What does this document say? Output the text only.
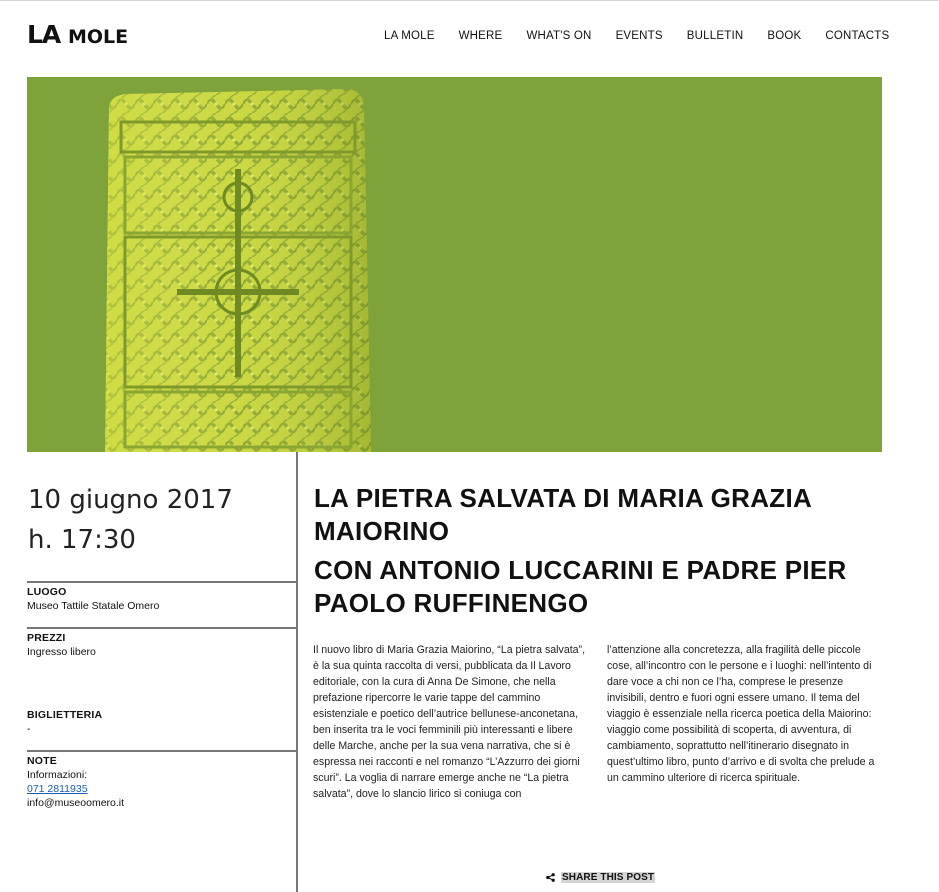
LA MOLE	LA MOLE WHERE WHAT'S ON EVENTS BULLETIN BOOK CONTACTS
10 giugno 2017
h. 17:30
LUOGO
Museo Tattile Statale Omero
PREZZI
Ingresso libero
BIGLIETTERIA
-
NOTE
Informazioni:
071 2811935
info@museoomero.it
LA PIETRA SALVATA DI MARIA GRAZIA MAIORINO
CON ANTONIO LUCCARINI E PADRE PIER PAOLO RUFFINENGO
Il nuovo libro di Maria Grazia Maiorino, “La pietra salvata”, è la sua quinta raccolta di versi, pubblicata da Il Lavoro editoriale, con la cura di Anna De Simone, che nella prefazione ripercorre le varie tappe del cammino esistenziale e poetico dell’autrice bellunese-anconetana, ben inserita tra le voci femminili più interessanti e libere delle Marche, anche per la sua vena narrativa, che si è espressa nei racconti e nel romanzo “L’Azzurro dei giorni scuri”. La voglia di narrare emerge anche ne “La pietra salvata”, dove lo slancio lirico si coniuga con
l’attenzione alla concretezza, alla fragilità delle piccole cose, all’incontro con le persone e i luoghi: nell’intento di dare voce a chi non ce l’ha, comprese le presenze invisibili, dentro e fuori ogni essere umano. Il tema del viaggio è essenziale nella ricerca poetica della Maiorino: viaggio come possibilità di scoperta, di avventura, di cambiamento, soprattutto nell’itinerario disegnato in quest’ultimo libro, punto d’arrivo e di svolta che prelude a un cammino ulteriore di ricerca spirituale.
SHARE THIS POST
